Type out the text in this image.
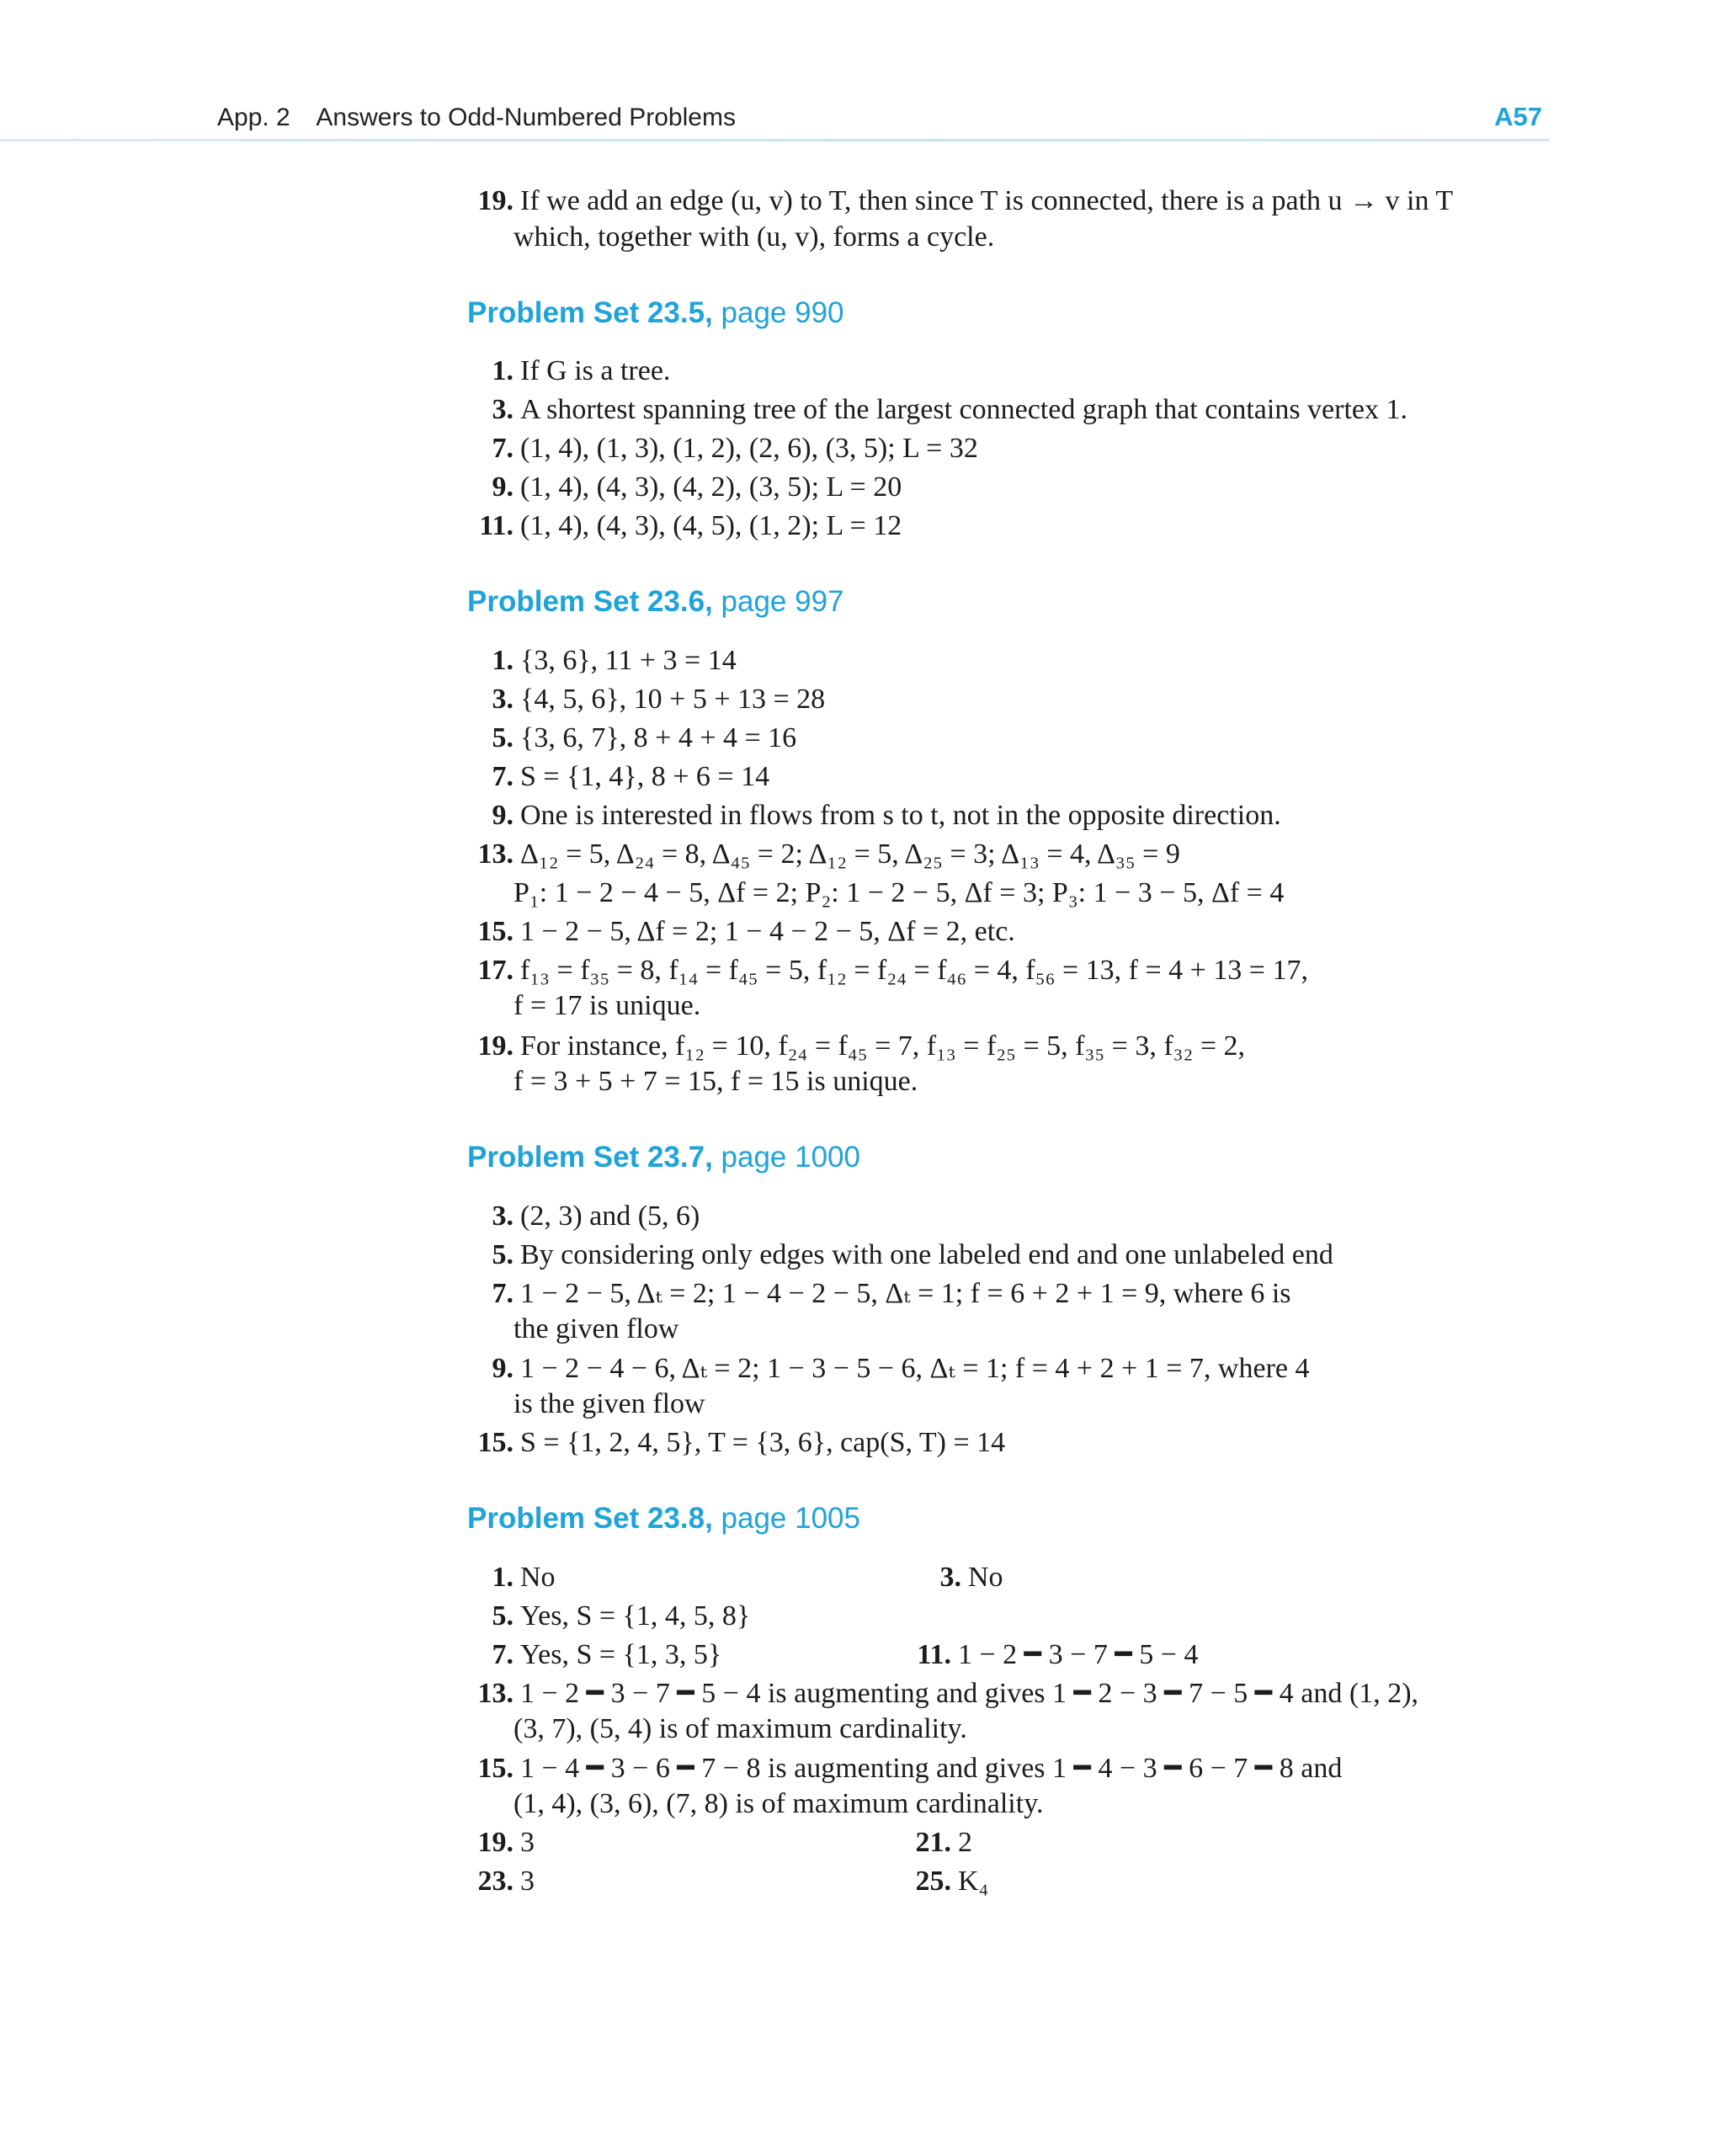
App. 2 Answers to Odd-Numbered Problems	A57
19. If we add an edge (u, v) to T, then since T is connected, there is a path u → v in T
which, together with (u, v), forms a cycle.
Problem Set 23.5, page 990
1. If G is a tree.
3. A shortest spanning tree of the largest connected graph that contains vertex 1.
7. (1, 4), (1, 3), (1, 2), (2, 6), (3, 5); L = 32
9. (1, 4), (4, 3), (4, 2), (3, 5); L = 20
11. (1, 4), (4, 3), (4, 5), (1, 2); L = 12
Problem Set 23.6, page 997
1. {3, 6}, 11 + 3 = 14
3. {4, 5, 6}, 10 + 5 + 13 = 28
5. {3, 6, 7}, 8 + 4 + 4 = 16
7. S = {1, 4}, 8 + 6 = 14
9. One is interested in flows from s to t, not in the opposite direction.
13. Δ₁₂ = 5, Δ₂₄ = 8, Δ₄₅ = 2; Δ₁₂ = 5, Δ₂₅ = 3; Δ₁₃ = 4, Δ₃₅ = 9
P₁: 1 − 2 − 4 − 5, Δf = 2; P₂: 1 − 2 − 5, Δf = 3; P₃: 1 − 3 − 5, Δf = 4
15. 1 − 2 − 5, Δf = 2; 1 − 4 − 2 − 5, Δf = 2, etc.
17. f₁₃ = f₃₅ = 8, f₁₄ = f₄₅ = 5, f₁₂ = f₂₄ = f₄₆ = 4, f₅₆ = 13, f = 4 + 13 = 17,
f = 17 is unique.
19. For instance, f₁₂ = 10, f₂₄ = f₄₅ = 7, f₁₃ = f₂₅ = 5, f₃₅ = 3, f₃₂ = 2,
f = 3 + 5 + 7 = 15, f = 15 is unique.
Problem Set 23.7, page 1000
3. (2, 3) and (5, 6)
5. By considering only edges with one labeled end and one unlabeled end
7. 1 − 2 − 5, Δₜ = 2; 1 − 4 − 2 − 5, Δₜ = 1; f = 6 + 2 + 1 = 9, where 6 is
the given flow
9. 1 − 2 − 4 − 6, Δₜ = 2; 1 − 3 − 5 − 6, Δₜ = 1; f = 4 + 2 + 1 = 7, where 4
is the given flow
15. S = {1, 2, 4, 5}, T = {3, 6}, cap(S, T) = 14
Problem Set 23.8, page 1005
1. No	3. No
5. Yes, S = {1, 4, 5, 8}
7. Yes, S = {1, 3, 5}	11. 1 − 2 ━ 3 − 7 ━ 5 − 4
13. 1 − 2 ━ 3 − 7 ━ 5 − 4 is augmenting and gives 1 ━ 2 − 3 ━ 7 − 5 ━ 4 and (1, 2),
(3, 7), (5, 4) is of maximum cardinality.
15. 1 − 4 ━ 3 − 6 ━ 7 − 8 is augmenting and gives 1 ━ 4 − 3 ━ 6 − 7 ━ 8 and
(1, 4), (3, 6), (7, 8) is of maximum cardinality.
19. 3	21. 2
23. 3	25. K₄
